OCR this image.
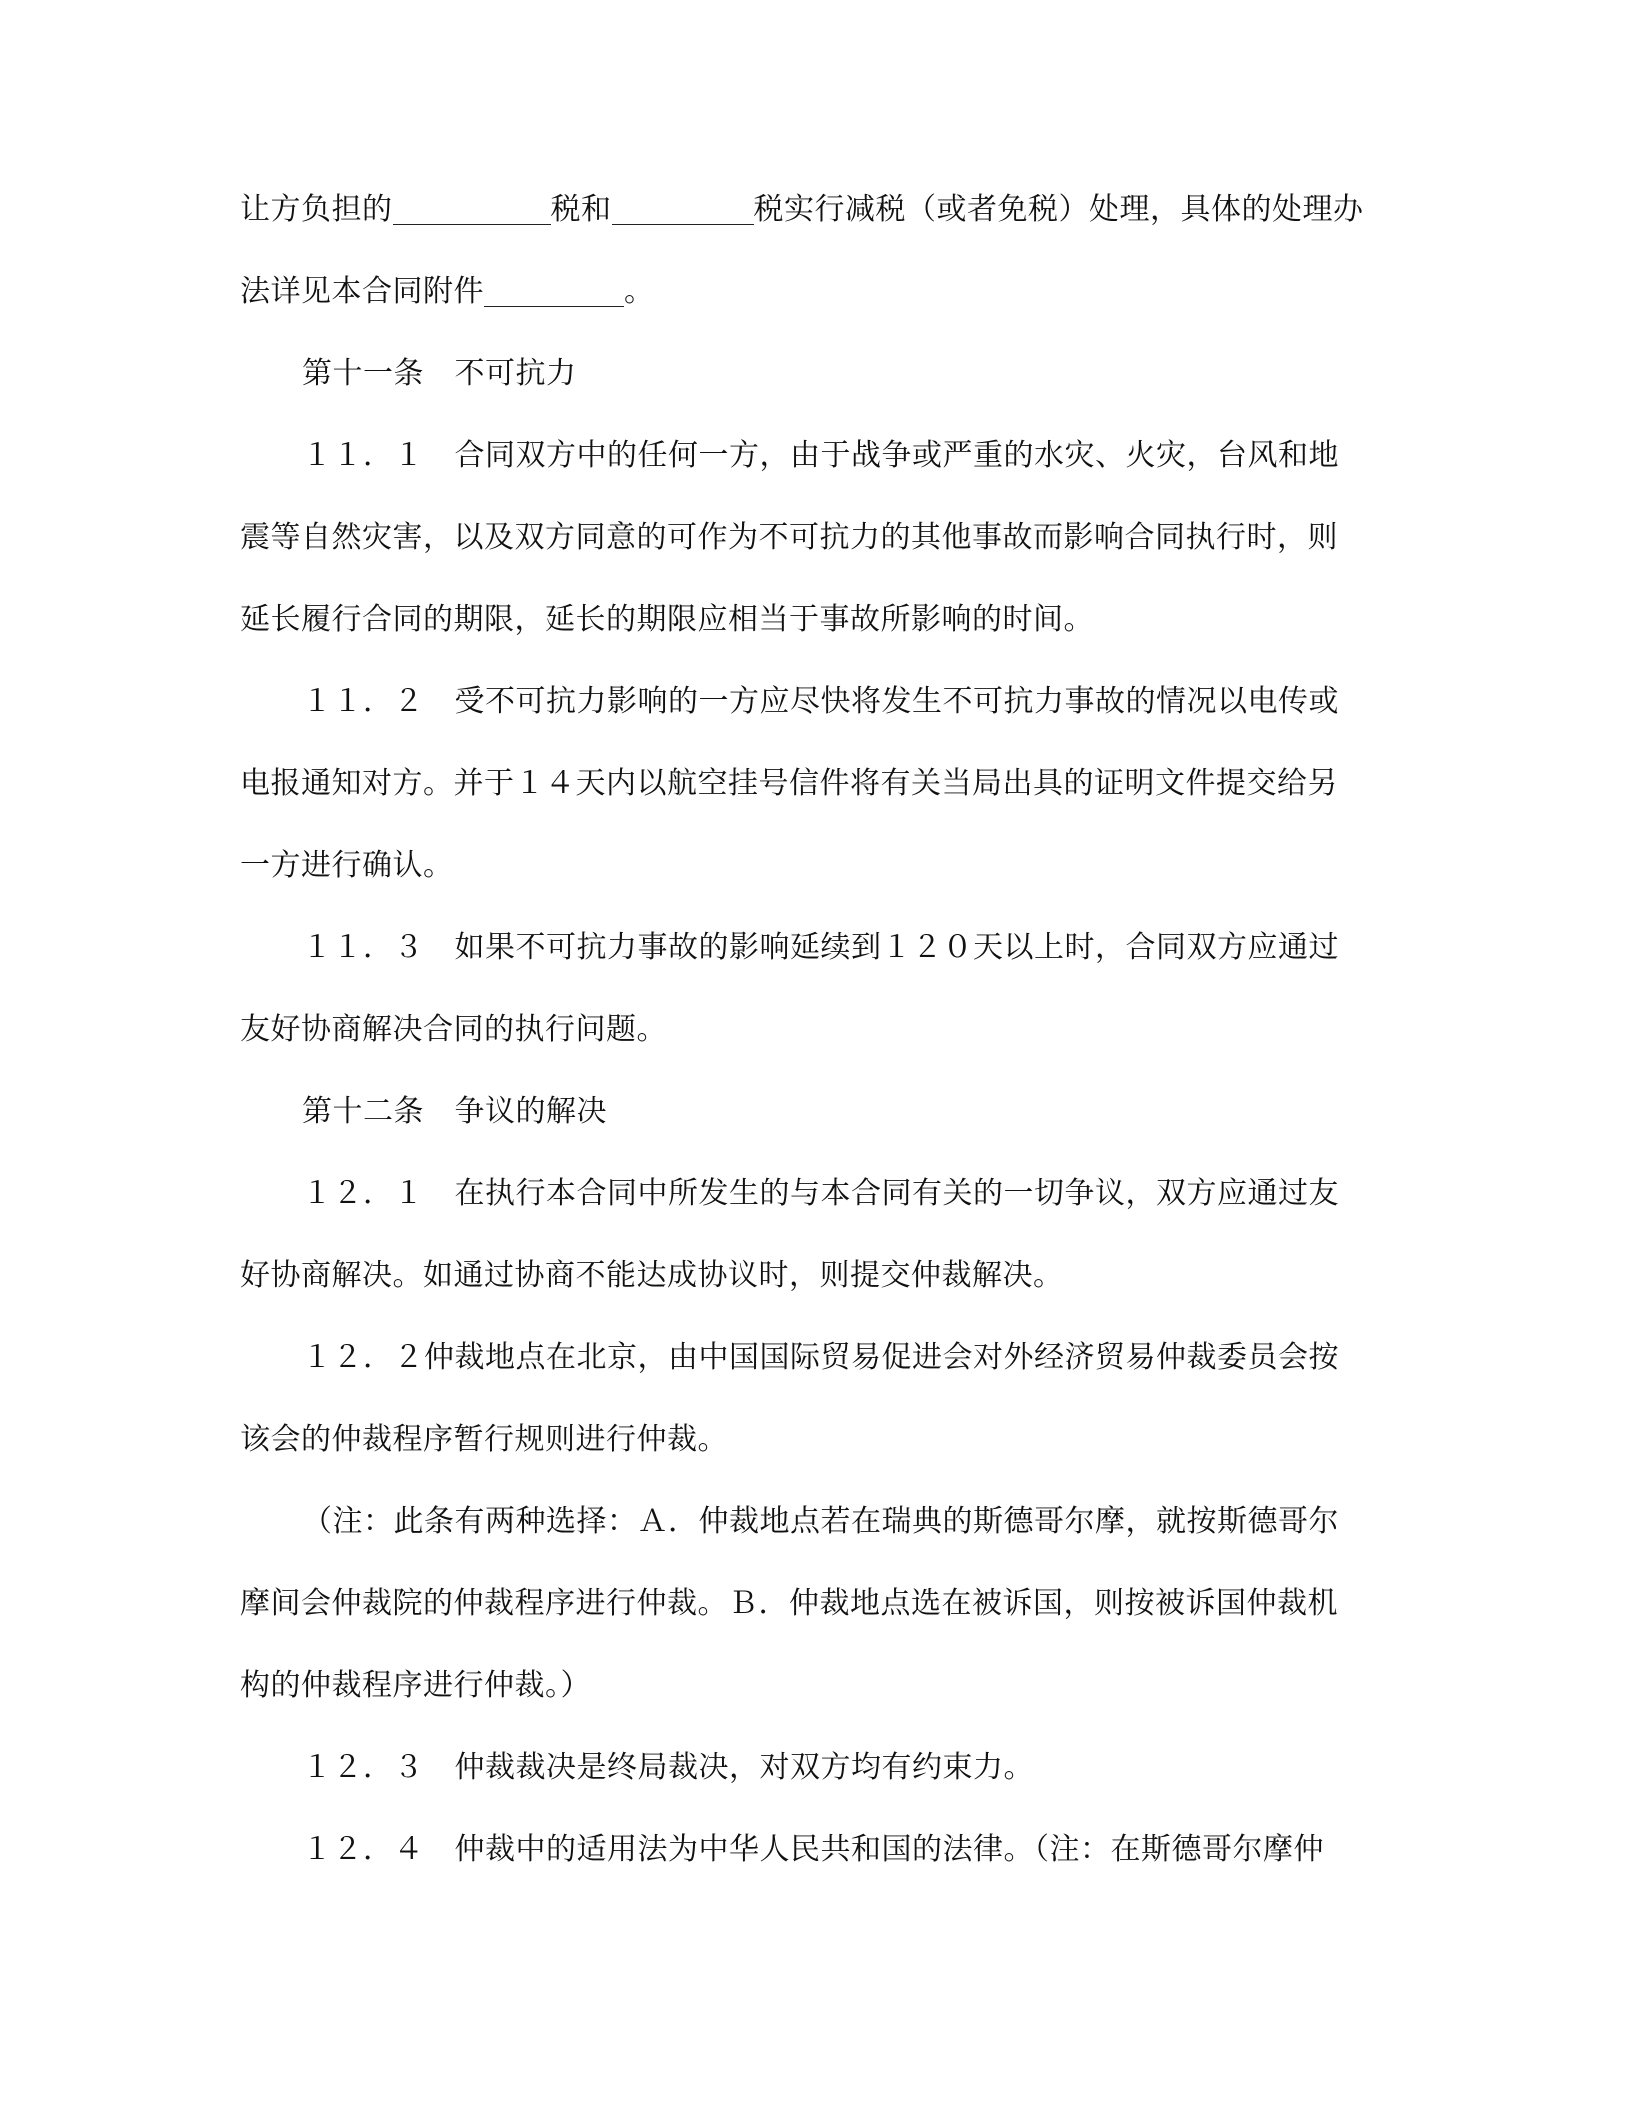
让方负担的	税和	税实行减税（或者免税）处理，具体的处理办
法详见本合同附件	。
第十一条　不可抗力
１１．１　合同双方中的任何一方，由于战争或严重的水灾、火灾，台风和地
震等自然灾害，以及双方同意的可作为不可抗力的其他事故而影响合同执行时，则
延长履行合同的期限，延长的期限应相当于事故所影响的时间。
１１．２　受不可抗力影响的一方应尽快将发生不可抗力事故的情况以电传或
电报通知对方。并于１４天内以航空挂号信件将有关当局出具的证明文件提交给另
一方进行确认。
１１．３　如果不可抗力事故的影响延续到１２０天以上时，合同双方应通过
友好协商解决合同的执行问题。
第十二条　争议的解决
１２．１　在执行本合同中所发生的与本合同有关的一切争议，双方应通过友
好协商解决。如通过协商不能达成协议时，则提交仲裁解决。
１２．２仲裁地点在北京，由中国国际贸易促进会对外经济贸易仲裁委员会按
该会的仲裁程序暂行规则进行仲裁。
（注：此条有两种选择：Ａ．仲裁地点若在瑞典的斯德哥尔摩，就按斯德哥尔
摩间会仲裁院的仲裁程序进行仲裁。Ｂ．仲裁地点选在被诉国，则按被诉国仲裁机
构的仲裁程序进行仲裁。）
１２．３　仲裁裁决是终局裁决，对双方均有约束力。
１２．４　仲裁中的适用法为中华人民共和国的法律。（注：在斯德哥尔摩仲
